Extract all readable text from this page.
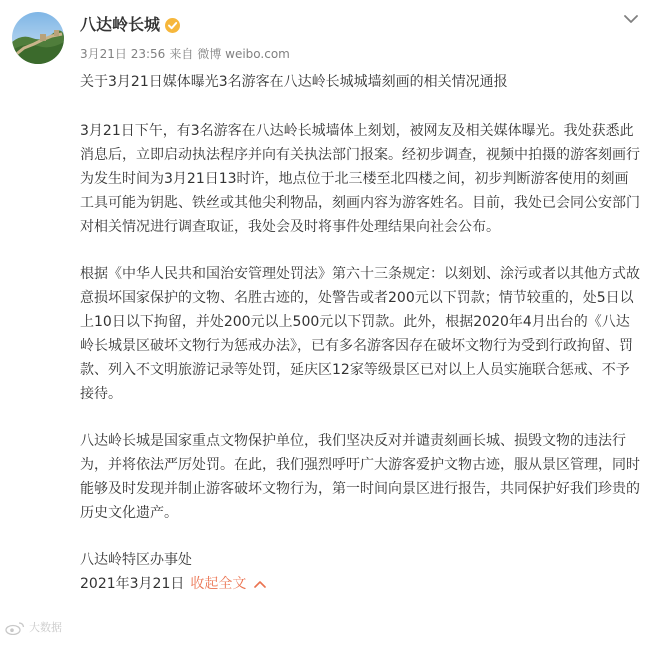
八达岭长城
3月21日 23:56 来自 微博 weibo.com

关于3月21日媒体曝光3名游客在八达岭长城城墙刻画的相关情况通报

3月21日下午，有3名游客在八达岭长城墙体上刻划，被网友及相关媒体曝光。我处获悉此消息后，立即启动执法程序并向有关执法部门报案。经初步调查，视频中拍摄的游客刻画行为发生时间为3月21日13时许，地点位于北三楼至北四楼之间，初步判断游客使用的刻画工具可能为钥匙、铁丝或其他尖利物品，刻画内容为游客姓名。目前，我处已会同公安部门对相关情况进行调查取证，我处会及时将事件处理结果向社会公布。

根据《中华人民共和国治安管理处罚法》第六十三条规定：以刻划、涂污或者以其他方式故意损坏国家保护的文物、名胜古迹的，处警告或者200元以下罚款；情节较重的，处5日以上10日以下拘留，并处200元以上500元以下罚款。此外，根据2020年4月出台的《八达岭长城景区破坏文物行为惩戒办法》，已有多名游客因存在破坏文物行为受到行政拘留、罚款、列入不文明旅游记录等处罚，延庆区12家等级景区已对以上人员实施联合惩戒、不予接待。

八达岭长城是国家重点文物保护单位，我们坚决反对并谴责刻画长城、损毁文物的违法行为，并将依法严厉处罚。在此，我们强烈呼吁广大游客爱护文物古迹，服从景区管理，同时能够及时发现并制止游客破坏文物行为，第一时间向景区进行报告，共同保护好我们珍贵的历史文化遗产。

八达岭特区办事处

2021年3月21日 收起全文
大数据
